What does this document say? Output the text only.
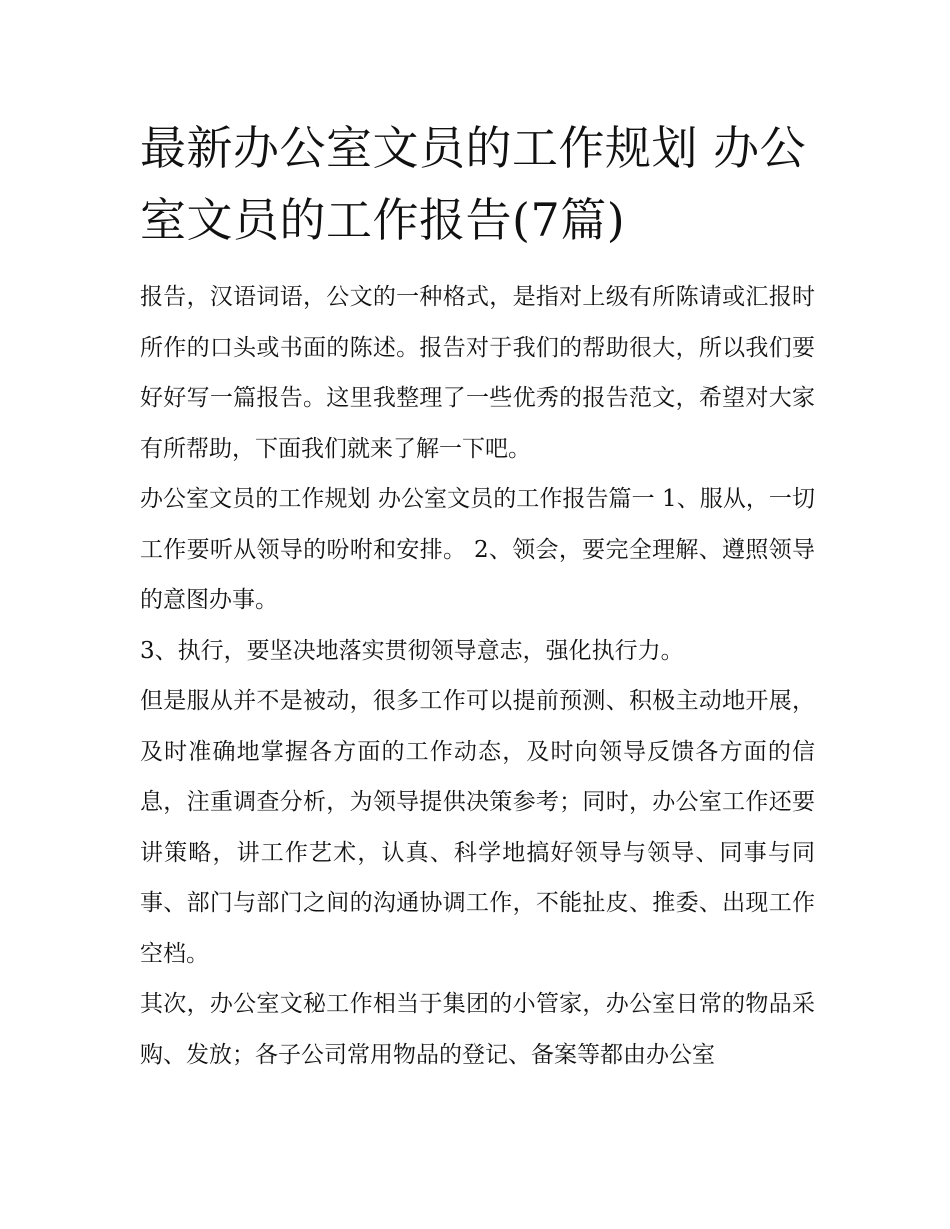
最新办公室文员的工作规划 办公室文员的工作报告(7篇)

报告，汉语词语，公文的一种格式，是指对上级有所陈请或汇报时所作的口头或书面的陈述。报告对于我们的帮助很大，所以我们要好好写一篇报告。这里我整理了一些优秀的报告范文，希望对大家有所帮助，下面我们就来了解一下吧。

办公室文员的工作规划 办公室文员的工作报告篇一 1、服从，一切工作要听从领导的吩咐和安排。 2、领会，要完全理解、遵照领导的意图办事。

3、执行，要坚决地落实贯彻领导意志，强化执行力。

但是服从并不是被动，很多工作可以提前预测、积极主动地开展，及时准确地掌握各方面的工作动态，及时向领导反馈各方面的信息，注重调查分析，为领导提供决策参考；同时，办公室工作还要讲策略，讲工作艺术，认真、科学地搞好领导与领导、同事与同事、部门与部门之间的沟通协调工作，不能扯皮、推委、出现工作空档。

其次，办公室文秘工作相当于集团的小管家，办公室日常的物品采购、发放；各子公司常用物品的登记、备案等都由办公室
